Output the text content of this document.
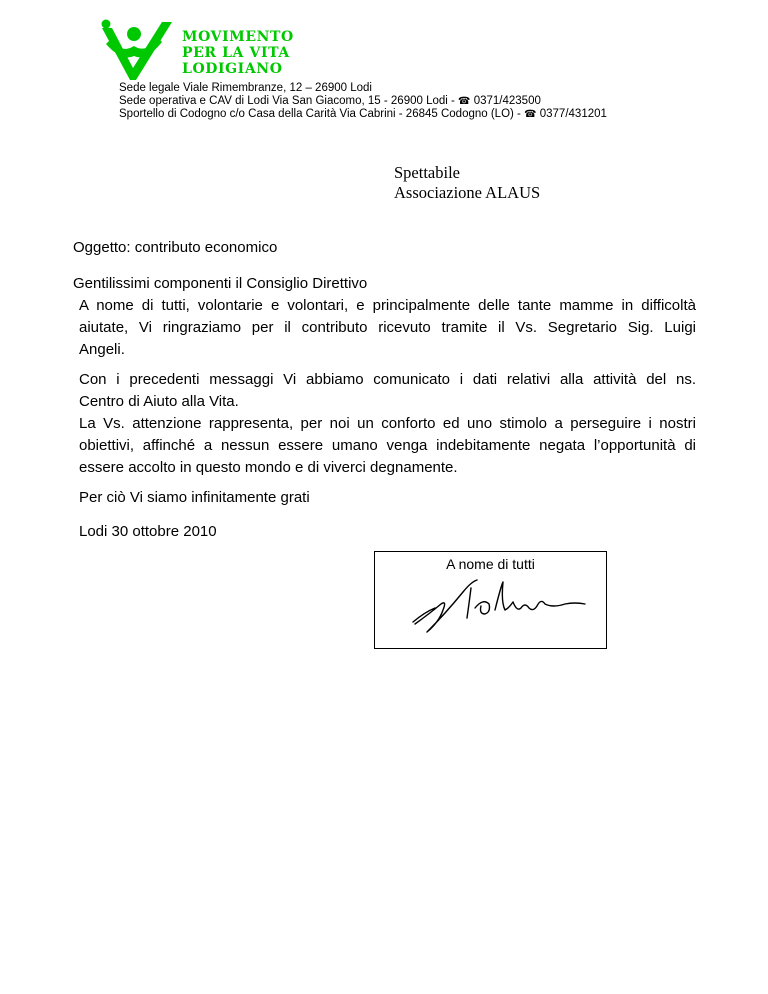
MOVIMENTO
PER LA VITA
LODIGIANO
Sede legale Viale Rimembranze, 12 – 26900 Lodi
Sede operativa e CAV di Lodi Via San Giacomo, 15 - 26900 Lodi - ☎ 0371/423500
Sportello di Codogno c/o Casa della Carità Via Cabrini - 26845 Codogno (LO) - ☎ 0377/431201
Spettabile
Associazione ALAUS
Oggetto: contributo economico
Gentilissimi componenti il Consiglio Direttivo
A nome di tutti, volontarie e volontari, e principalmente delle tante mamme in difficoltà
aiutate, Vi ringraziamo per il contributo ricevuto tramite il Vs. Segretario Sig. Luigi
Angeli.
Con i precedenti messaggi Vi abbiamo comunicato i dati relativi alla attività del ns.
Centro di Aiuto alla Vita.
La Vs. attenzione rappresenta, per noi un conforto ed uno stimolo a perseguire i nostri
obiettivi, affinché a nessun essere umano venga indebitamente negata l’opportunità di
essere accolto in questo mondo e di viverci degnamente.
Per ciò Vi siamo infinitamente grati
Lodi 30 ottobre 2010
A nome di tutti
